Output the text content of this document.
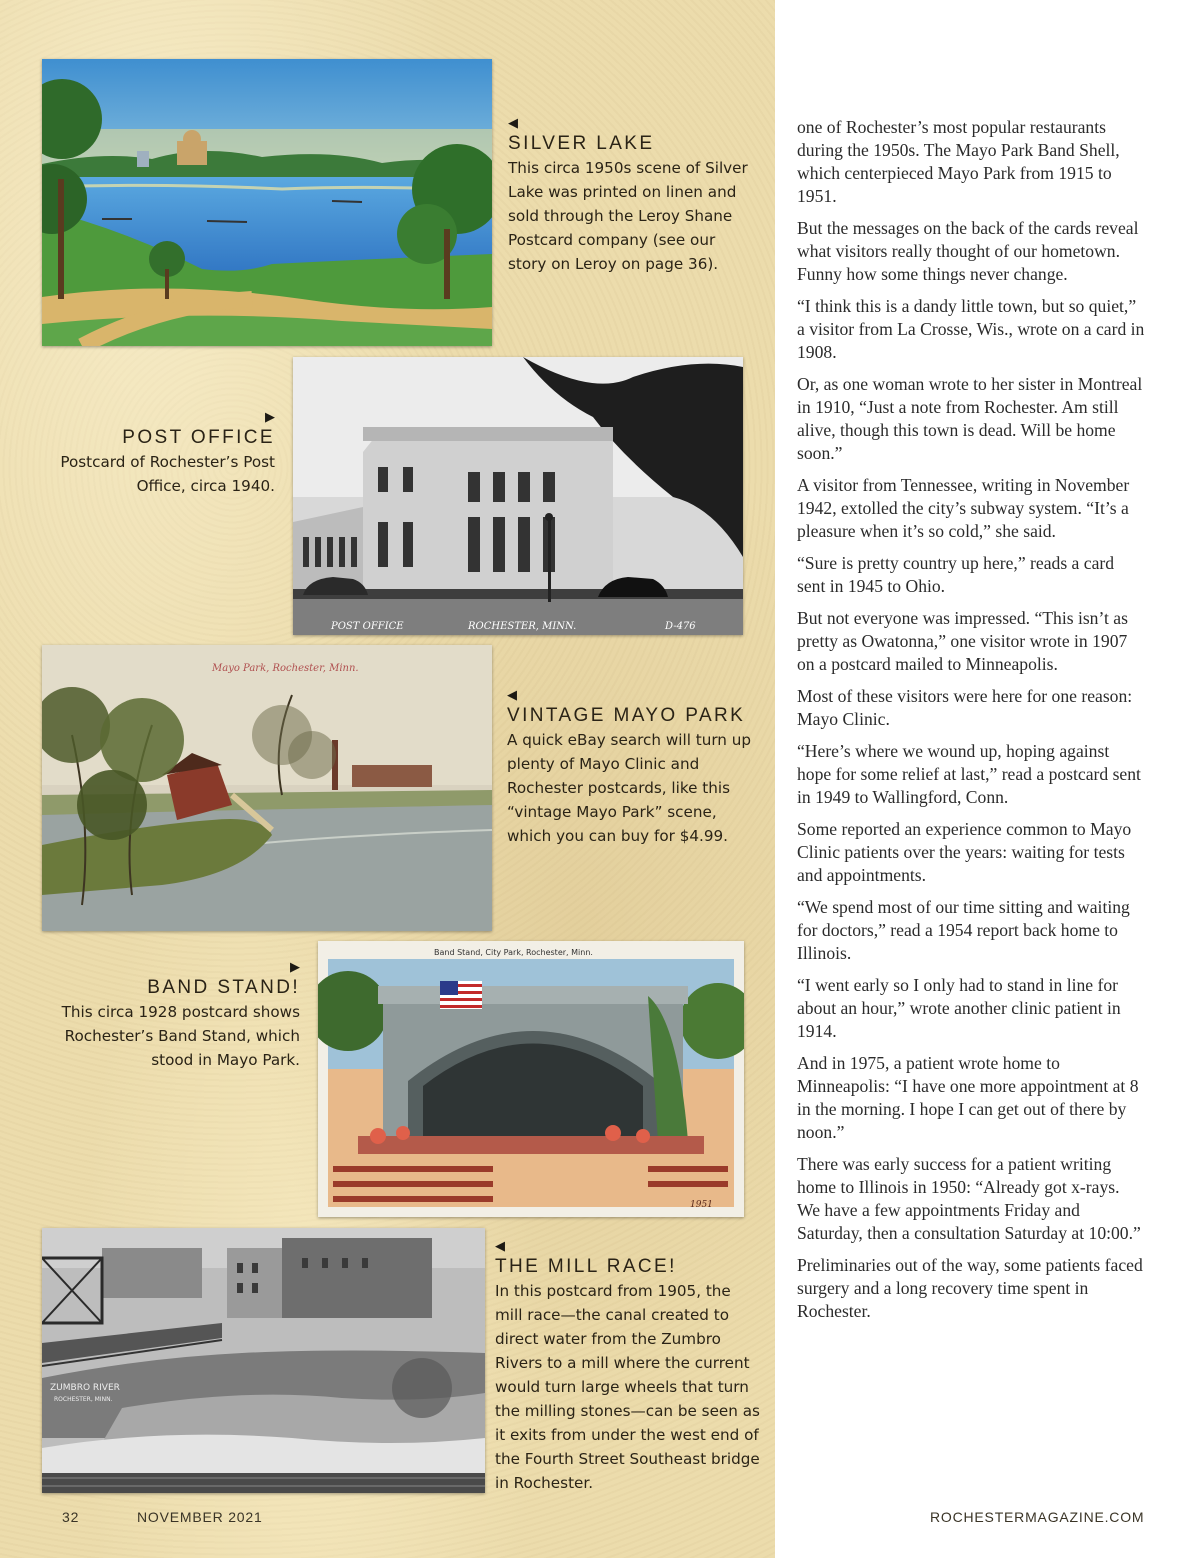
◀
SILVER LAKE
This circa 1950s scene of Silver Lake was printed on linen and sold through the Leroy Shane Postcard company (see our story on Leroy on page 36).
POST OFFICE	ROCHESTER, MINN.	D-476
▶
POST OFFICE
Postcard of Rochester’s Post Office, circa 1940.
Mayo Park, Rochester, Minn.
◀
VINTAGE MAYO PARK
A quick eBay search will turn up plenty of Mayo Clinic and Rochester postcards, like this “vintage Mayo Park” scene, which you can buy for $4.99.
Band Stand, City Park, Rochester, Minn.
1951
▶
BAND STAND!
This circa 1928 postcard shows Rochester’s Band Stand, which stood in Mayo Park.
ZUMBRO RIVER
ROCHESTER, MINN.
◀
THE MILL RACE!
In this postcard from 1905, the mill race—the canal created to direct water from the Zumbro Rivers to a mill where the current would turn large wheels that turn the milling stones—can be seen as it exits from under the west end of the Fourth Street Southeast bridge in Rochester.

one of Rochester’s most popular restaurants during the 1950s. The Mayo Park Band Shell, which centerpieced Mayo Park from 1915 to 1951.

But the messages on the back of the cards reveal what visitors really thought of our hometown. Funny how some things never change.

“I think this is a dandy little town, but so quiet,” a visitor from La Crosse, Wis., wrote on a card in 1908.

Or, as one woman wrote to her sister in Montreal in 1910, “Just a note from Rochester. Am still alive, though this town is dead. Will be home soon.”

A visitor from Tennessee, writing in November 1942, extolled the city’s subway system. “It’s a pleasure when it’s so cold,” she said.

“Sure is pretty country up here,” reads a card sent in 1945 to Ohio.

But not everyone was impressed. “This isn’t as pretty as Owatonna,” one visitor wrote in 1907 on a postcard mailed to Minneapolis.

Most of these visitors were here for one reason: Mayo Clinic.

“Here’s where we wound up, hoping against hope for some relief at last,” read a postcard sent in 1949 to Wallingford, Conn.

Some reported an experience common to Mayo Clinic patients over the years: waiting for tests and appointments.

“We spend most of our time sitting and waiting for doctors,” read a 1954 report back home to Illinois.

“I went early so I only had to stand in line for about an hour,” wrote another clinic patient in 1914.

And in 1975, a patient wrote home to Minneapolis: “I have one more appointment at 8 in the morning. I hope I can get out of there by noon.”

There was early success for a patient writing home to Illinois in 1950: “Already got x-rays. We have a few appointments Friday and Saturday, then a consultation Saturday at 10:00.”

Preliminaries out of the way, some patients faced surgery and a long recovery time spent in Rochester.

32	NOVEMBER 2021	ROCHESTERMAGAZINE.COM
